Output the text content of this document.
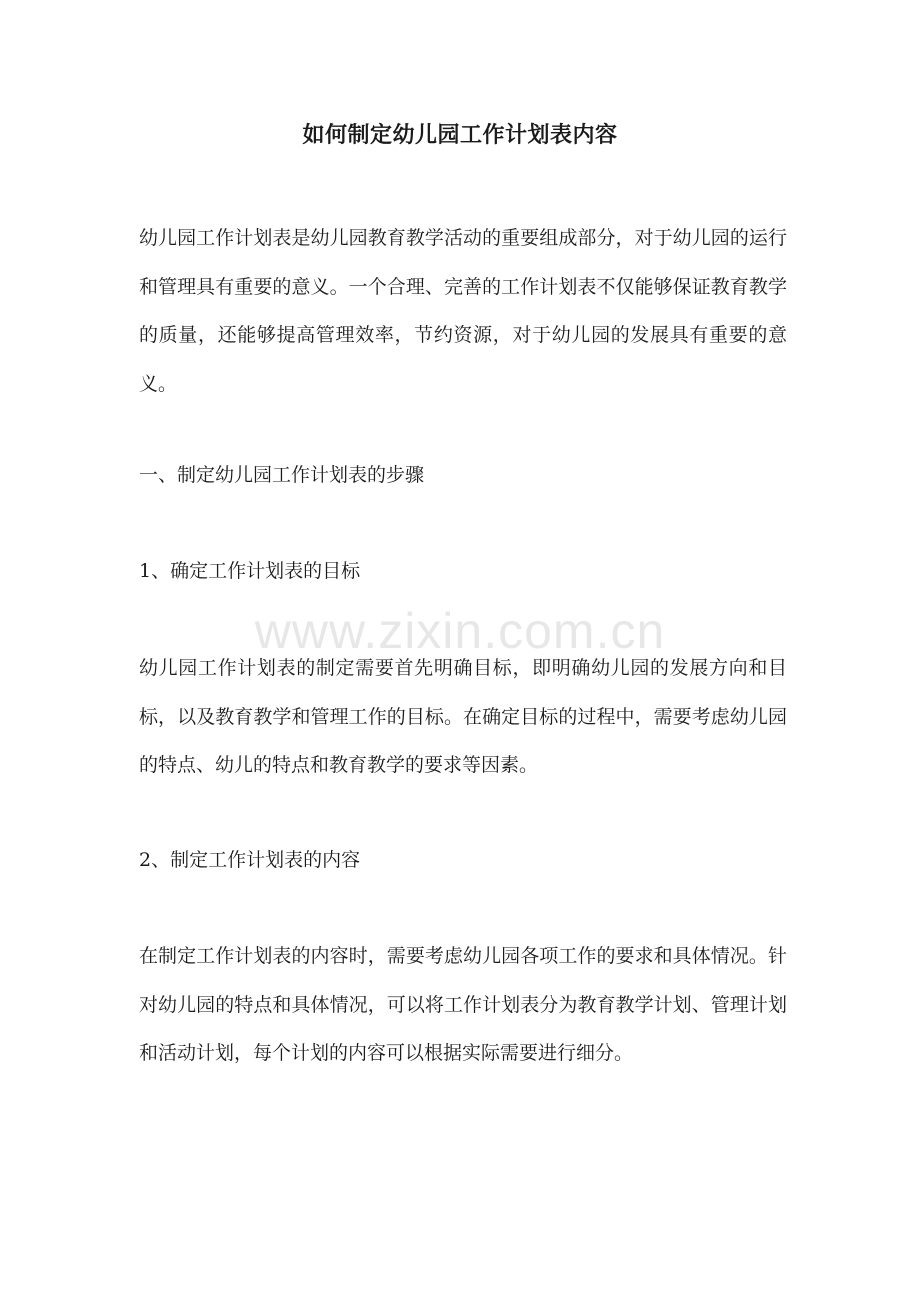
如何制定幼儿园工作计划表内容

幼儿园工作计划表是幼儿园教育教学活动的重要组成部分，对于幼儿园的运行和管理具有重要的意义。一个合理、完善的工作计划表不仅能够保证教育教学的质量，还能够提高管理效率，节约资源，对于幼儿园的发展具有重要的意义。

一、制定幼儿园工作计划表的步骤
1、确定工作计划表的目标

幼儿园工作计划表的制定需要首先明确目标，即明确幼儿园的发展方向和目标，以及教育教学和管理工作的目标。在确定目标的过程中，需要考虑幼儿园的特点、幼儿的特点和教育教学的要求等因素。

2、制定工作计划表的内容

在制定工作计划表的内容时，需要考虑幼儿园各项工作的要求和具体情况。针对幼儿园的特点和具体情况，可以将工作计划表分为教育教学计划、管理计划和活动计划，每个计划的内容可以根据实际需要进行细分。

www.zixin.com.cn
